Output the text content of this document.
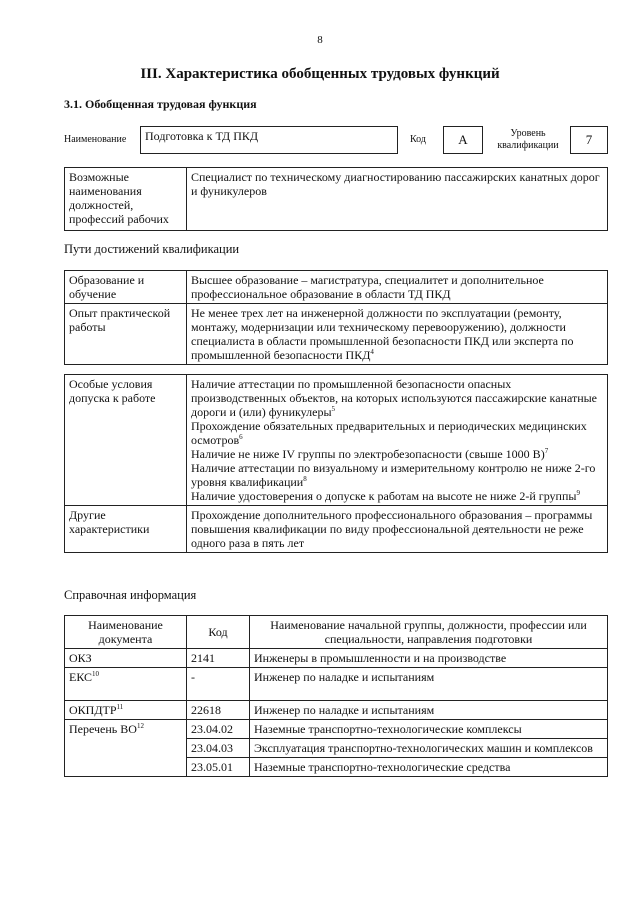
8
III. Характеристика обобщенных трудовых функций
3.1. Обобщенная трудовая функция
Наименование	Подготовка к ТД ПКД	Код	А	Уровень
квалификации	7
Возможные наименования должностей, профессий рабочих	Специалист по техническому диагностированию пассажирских канатных дорог и фуникулеров
Пути достижений квалификации
Образование и обучение	Высшее образование – магистратура, специалитет и дополнительное профессиональное образование в области ТД ПКД
Опыт практической работы	Не менее трех лет на инженерной должности по эксплуатации (ремонту, монтажу, модернизации или техническому перевооружению), должности специалиста в области промышленной безопасности ПКД или эксперта по промышленной безопасности ПКД$^4$
Особые условия допуска к работе	Наличие аттестации по промышленной безопасности опасных производственных объектов, на которых используются пассажирские канатные дороги и (или) фуникулеры$^5$
Прохождение обязательных предварительных и периодических медицинских осмотров$^6$
Наличие не ниже IV группы по электробезопасности (свыше 1000 В)$^7$
Наличие аттестации по визуальному и измерительному контролю не ниже 2-го уровня квалификации$^8$
Наличие удостоверения о допуске к работам на высоте не ниже 2-й группы$^9$

Другие характеристики	Прохождение дополнительного профессионального образования – программы повышения квалификации по виду профессиональной деятельности не реже одного раза в пять лет
Справочная информация
Наименование документа	Код	Наименование начальной группы, должности, профессии или специальности, направления подготовки
ОКЗ	2141	Инженеры в промышленности и на производстве
ЕКС$^{10}$	-	Инженер по наладке и испытаниям
ОКПДТР$^{11}$	22618	Инженер по наладке и испытаниям
Перечень ВО$^{12}$	23.04.02	Наземные транспортно-технологические комплексы
	23.04.03	Эксплуатация транспортно-технологических машин и комплексов
	23.05.01	Наземные транспортно-технологические средства
